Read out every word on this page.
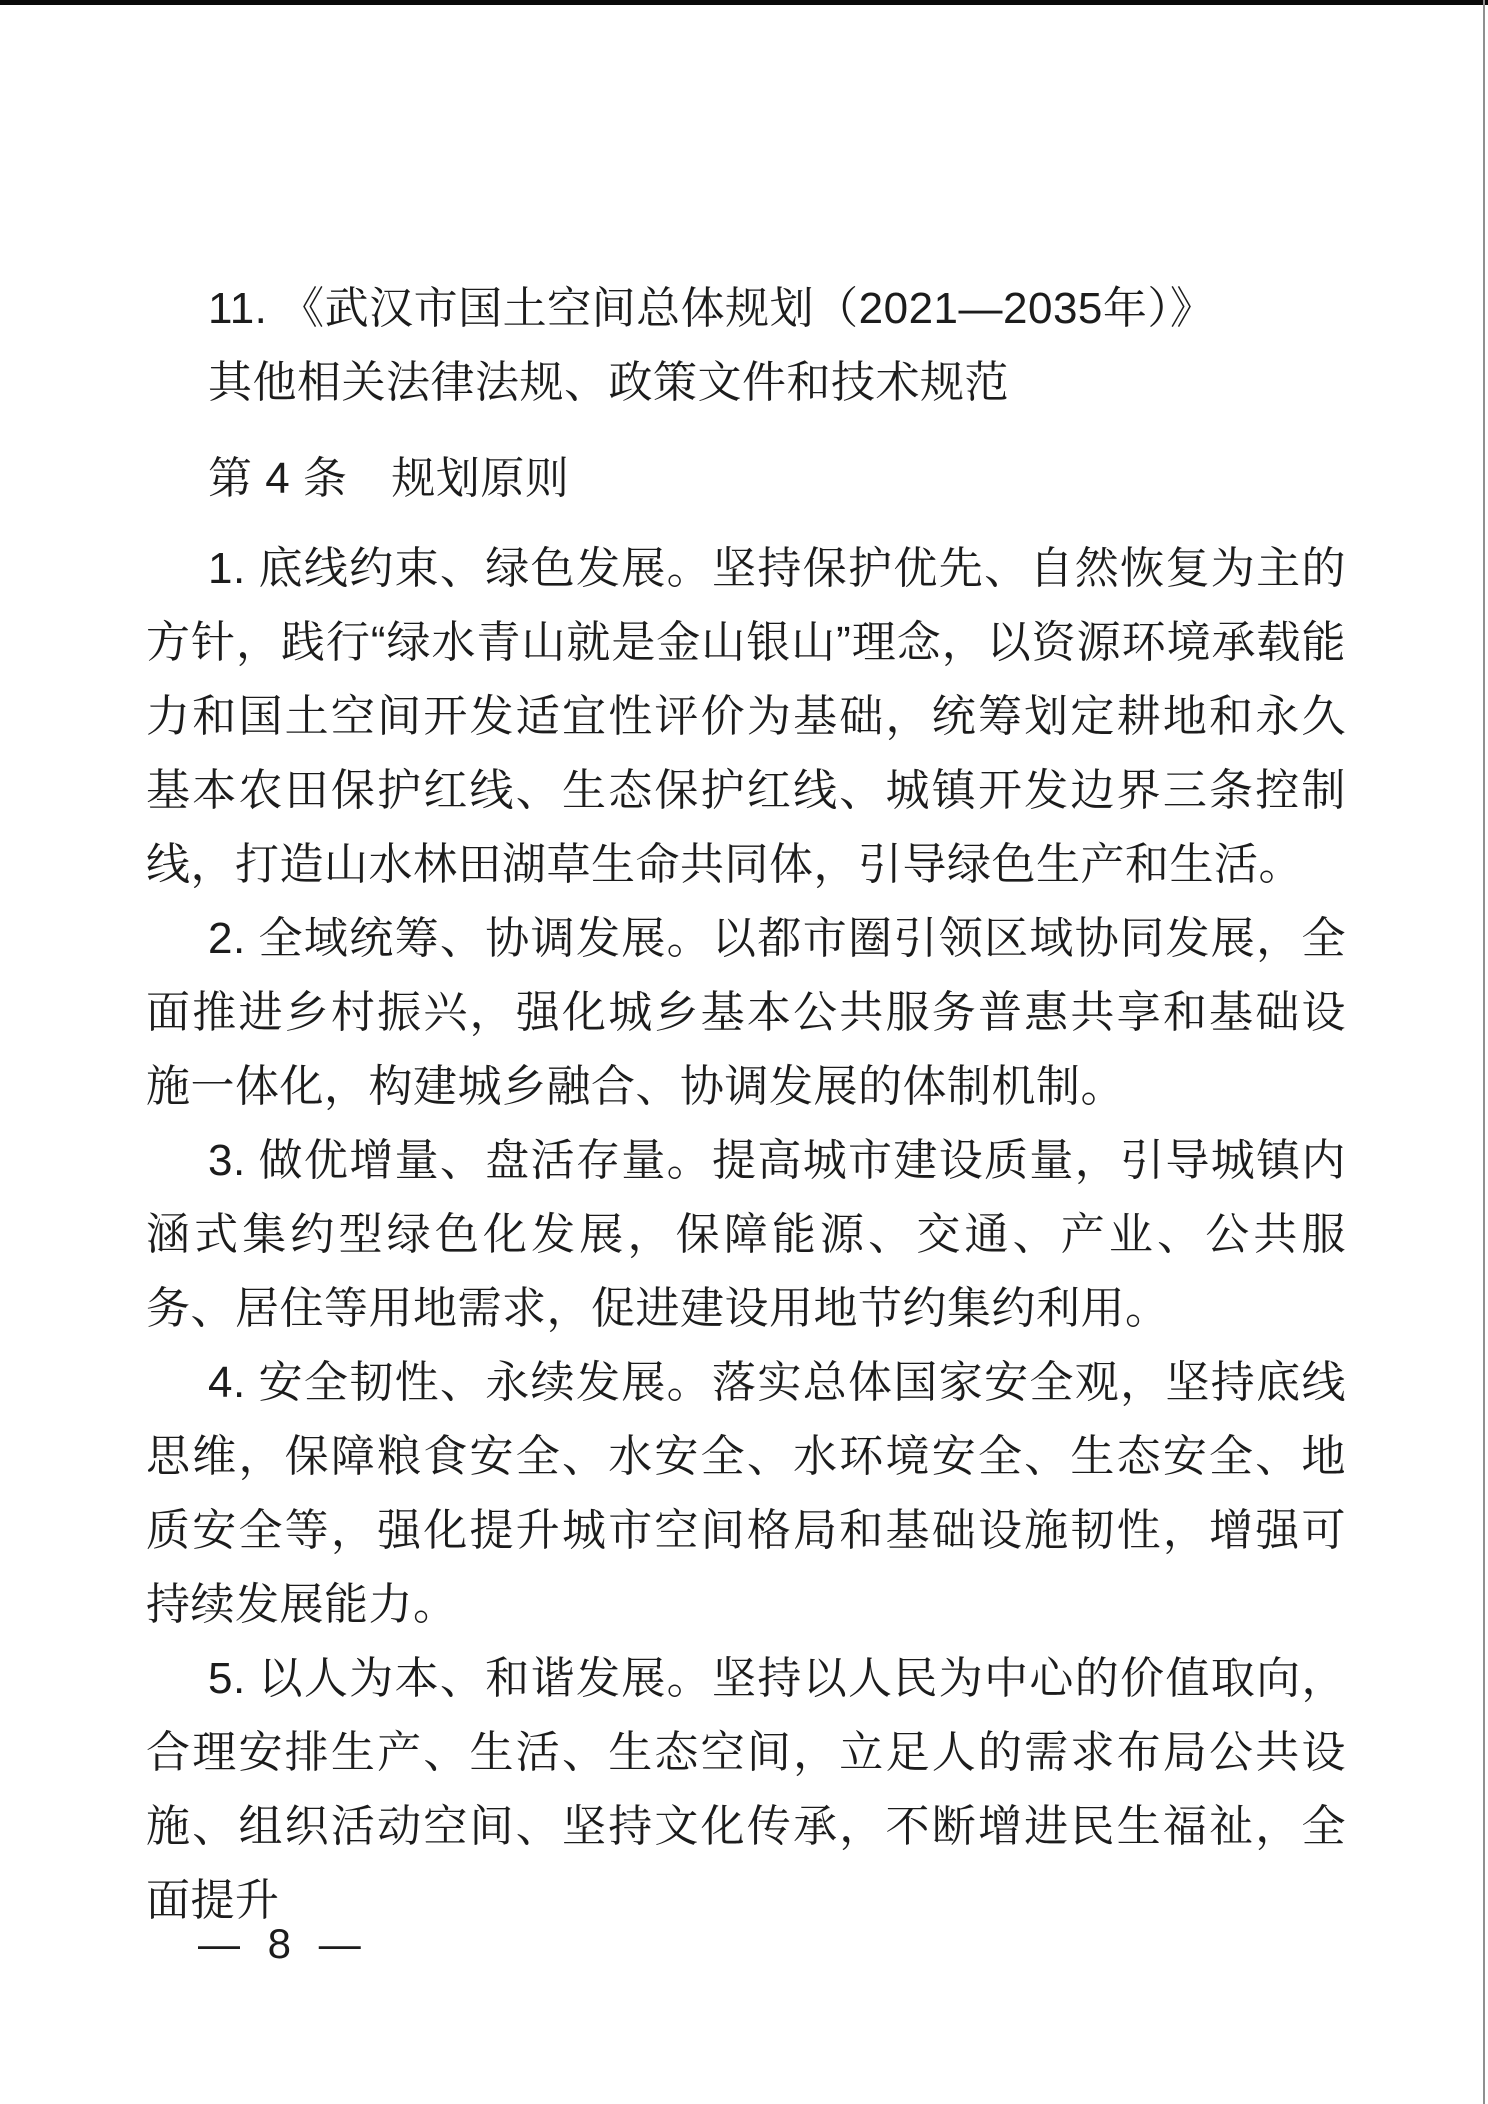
11. 《武汉市国土空间总体规划（2021—2035年）》

其他相关法律法规、政策文件和技术规范

第 4 条 规划原则

1. 底线约束、绿色发展。坚持保护优先、自然恢复为主的方针，践行“绿水青山就是金山银山”理念，以资源环境承载能力和国土空间开发适宜性评价为基础，统筹划定耕地和永久基本农田保护红线、生态保护红线、城镇开发边界三条控制线，打造山水林田湖草生命共同体，引导绿色生产和生活。

2. 全域统筹、协调发展。以都市圈引领区域协同发展，全面推进乡村振兴，强化城乡基本公共服务普惠共享和基础设施一体化，构建城乡融合、协调发展的体制机制。

3. 做优增量、盘活存量。提高城市建设质量，引导城镇内涵式集约型绿色化发展，保障能源、交通、产业、公共服务、居住等用地需求，促进建设用地节约集约利用。

4. 安全韧性、永续发展。落实总体国家安全观，坚持底线思维，保障粮食安全、水安全、水环境安全、生态安全、地质安全等，强化提升城市空间格局和基础设施韧性，增强可持续发展能力。

5. 以人为本、和谐发展。坚持以人民为中心的价值取向，合理安排生产、生活、生态空间，立足人的需求布局公共设施、组织活动空间、坚持文化传承，不断增进民生福祉，全面提升

— 8 —
